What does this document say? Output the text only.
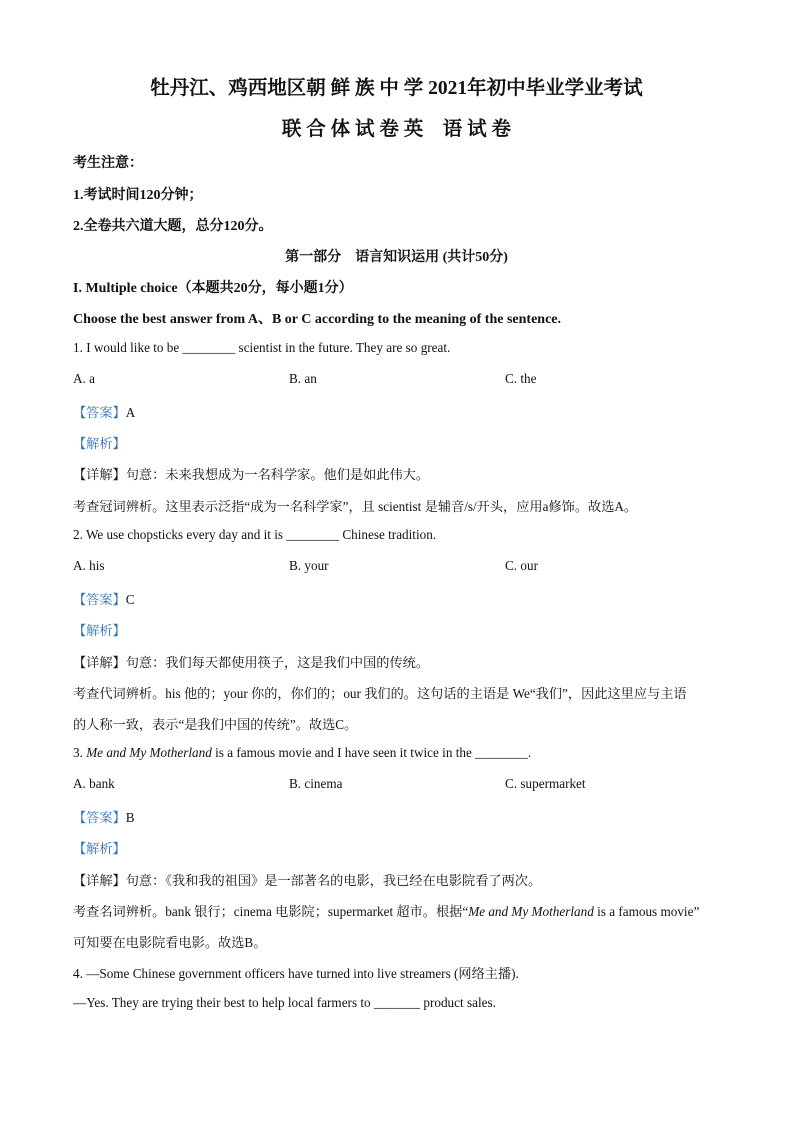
牡丹江、鸡西地区朝 鲜 族 中 学 2021年初中毕业学业考试
联 合 体 试 卷 英　语 试 卷
考生注意：
1.考试时间120分钟；
2.全卷共六道大题，总分120分。
第一部分　语言知识运用 (共计50分)
I. Multiple choice（本题共20分，每小题1分）
Choose the best answer from A、B or C according to the meaning of the sentence.
1. I would like to be ________ scientist in the future. They are so great.
A. a	B. an	C. the
【答案】A
【解析】
【详解】句意：未来我想成为一名科学家。他们是如此伟大。
考查冠词辨析。这里表示泛指“成为一名科学家”，且 scientist 是辅音/s/开头，应用a修饰。故选A。
2. We use chopsticks every day and it is ________ Chinese tradition.
A. his	B. your	C. our
【答案】C
【解析】
【详解】句意：我们每天都使用筷子，这是我们中国的传统。
考查代词辨析。his 他的；your 你的，你们的；our 我们的。这句话的主语是 We“我们”，因此这里应与主语
的人称一致，表示“是我们中国的传统”。故选C。
3. Me and My Motherland is a famous movie and I have seen it twice in the ________.
A. bank	B. cinema	C. supermarket
【答案】B
【解析】
【详解】句意：《我和我的祖国》是一部著名的电影，我已经在电影院看了两次。
考查名词辨析。bank 银行；cinema 电影院；supermarket 超市。根据“Me and My Motherland is a famous movie”
可知要在电影院看电影。故选B。
4. —Some Chinese government officers have turned into live streamers (网络主播).
—Yes. They are trying their best to help local farmers to _______ product sales.
